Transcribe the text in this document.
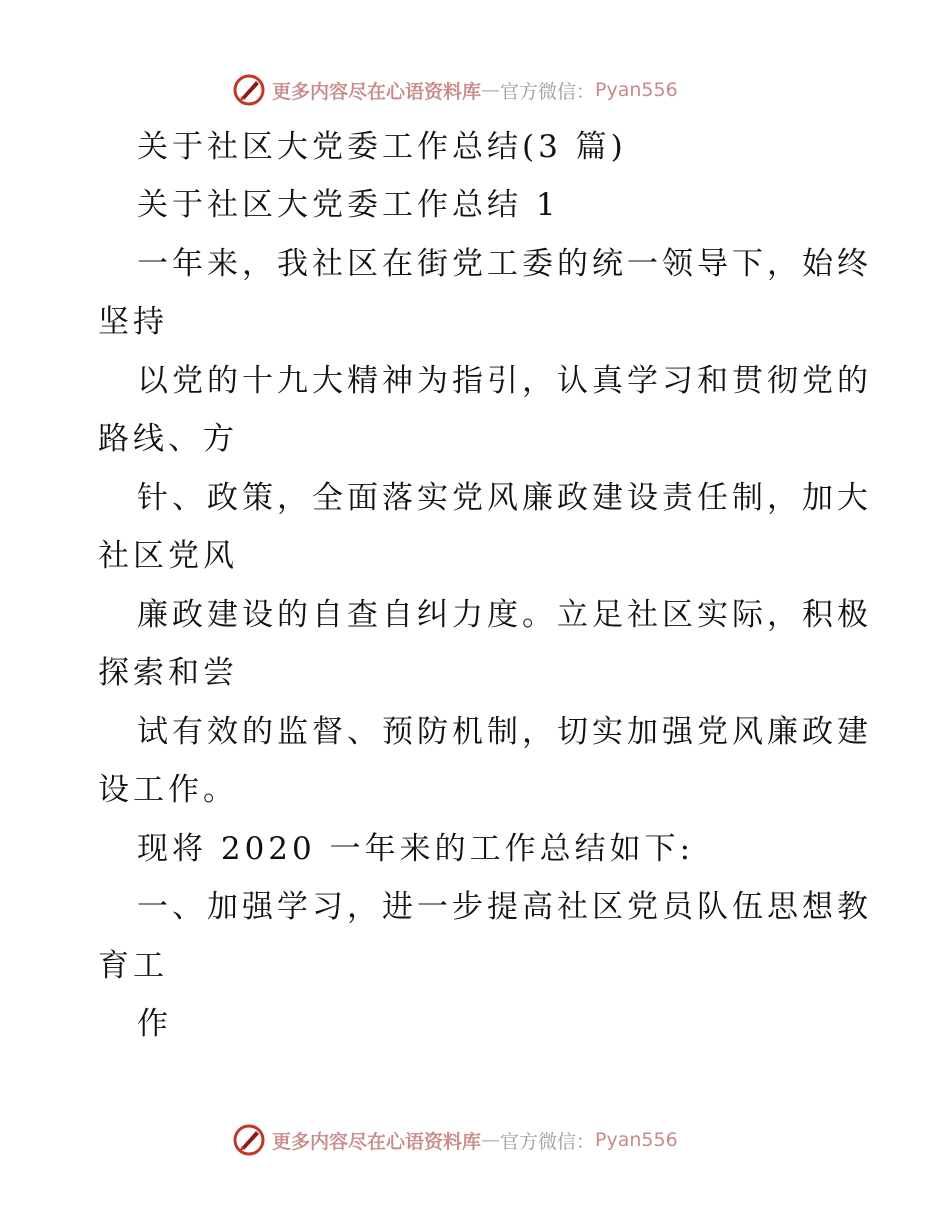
更多内容尽在心语资料库 — 官方微信： Pyan556
关于社区大党委工作总结(3 篇)
关于社区大党委工作总结 1
一年来，我社区在街党工委的统一领导下，始终
坚持
以党的十九大精神为指引，认真学习和贯彻党的
路线、方
针、政策，全面落实党风廉政建设责任制，加大
社区党风
廉政建设的自查自纠力度。立足社区实际，积极
探索和尝
试有效的监督、预防机制，切实加强党风廉政建
设工作。
现将 2020 一年来的工作总结如下:
一、加强学习，进一步提高社区党员队伍思想教
育工
作
更多内容尽在心语资料库 — 官方微信： Pyan556
